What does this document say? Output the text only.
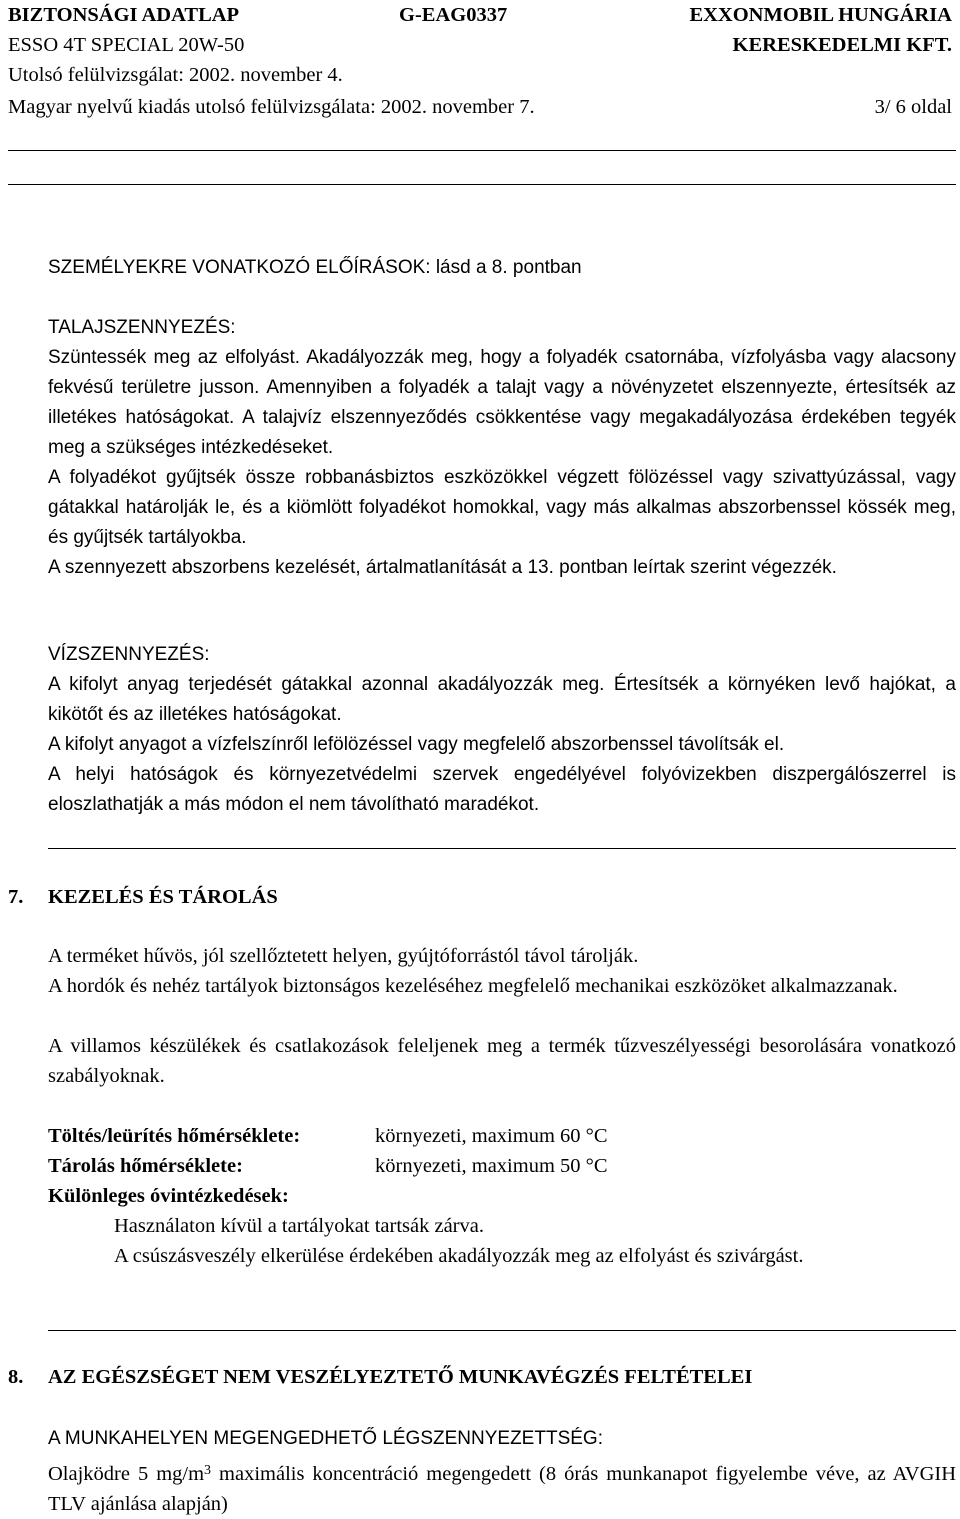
BIZTONSÁGI ADATLAP	G-EAG0337	EXXONMOBIL HUNGÁRIA
ESSO 4T SPECIAL 20W-50	KERESKEDELMI KFT.
Utolsó felülvizsgálat: 2002. november 4.
Magyar nyelvű kiadás utolsó felülvizsgálata: 2002. november 7.	3/ 6 oldal
SZEMÉLYEKRE VONATKOZÓ ELŐÍRÁSOK: lásd a 8. pontban
TALAJSZENNYEZÉS:
Szüntessék meg az elfolyást. Akadályozzák meg, hogy a folyadék csatornába, vízfolyásba vagy alacsony fekvésű területre jusson. Amennyiben a folyadék a talajt vagy a növényzetet elszennyezte, értesítsék az illetékes hatóságokat. A talajvíz elszennyeződés csökkentése vagy megakadályozása érdekében tegyék meg a szükséges intézkedéseket.
A folyadékot gyűjtsék össze robbanásbiztos eszközökkel végzett fölözéssel vagy szivattyúzással, vagy gátakkal határolják le, és a kiömlött folyadékot homokkal, vagy más alkalmas abszorbenssel kössék meg, és gyűjtsék tartályokba.
A szennyezett abszorbens kezelését, ártalmatlanítását a 13. pontban leírtak szerint végezzék.
VÍZSZENNYEZÉS:
A kifolyt anyag terjedését gátakkal azonnal akadályozzák meg. Értesítsék a környéken levő hajókat, a kikötőt és az illetékes hatóságokat.
A kifolyt anyagot a vízfelszínről lefölözéssel vagy megfelelő abszorbenssel távolítsák el.
A helyi hatóságok és környezetvédelmi szervek engedélyével folyóvizekben diszpergálószerrel is eloszlathatják a más módon el nem távolítható maradékot.
7. KEZELÉS ÉS TÁROLÁS
A terméket hűvös, jól szellőztetett helyen, gyújtóforrástól távol tárolják.
A hordók és nehéz tartályok biztonságos kezeléséhez megfelelő mechanikai eszközöket alkalmazzanak.
A villamos készülékek és csatlakozások feleljenek meg a termék tűzveszélyességi besorolására vonatkozó szabályoknak.
Töltés/leürítés hőmérséklete:	környezeti, maximum 60 °C
Tárolás hőmérséklete:	környezeti, maximum 50 °C
Különleges óvintézkedések:
Használaton kívül a tartályokat tartsák zárva.
A csúszásveszély elkerülése érdekében akadályozzák meg az elfolyást és szivárgást.
8. AZ EGÉSZSÉGET NEM VESZÉLYEZTETŐ MUNKAVÉGZÉS FELTÉTELEI
A MUNKAHELYEN MEGENGEDHETŐ LÉGSZENNYEZETTSÉG:
Olajködre 5 $mg/m^3$ maximális koncentráció megengedett (8 órás munkanapot figyelembe véve, az AVGIH TLV ajánlása alapján)
